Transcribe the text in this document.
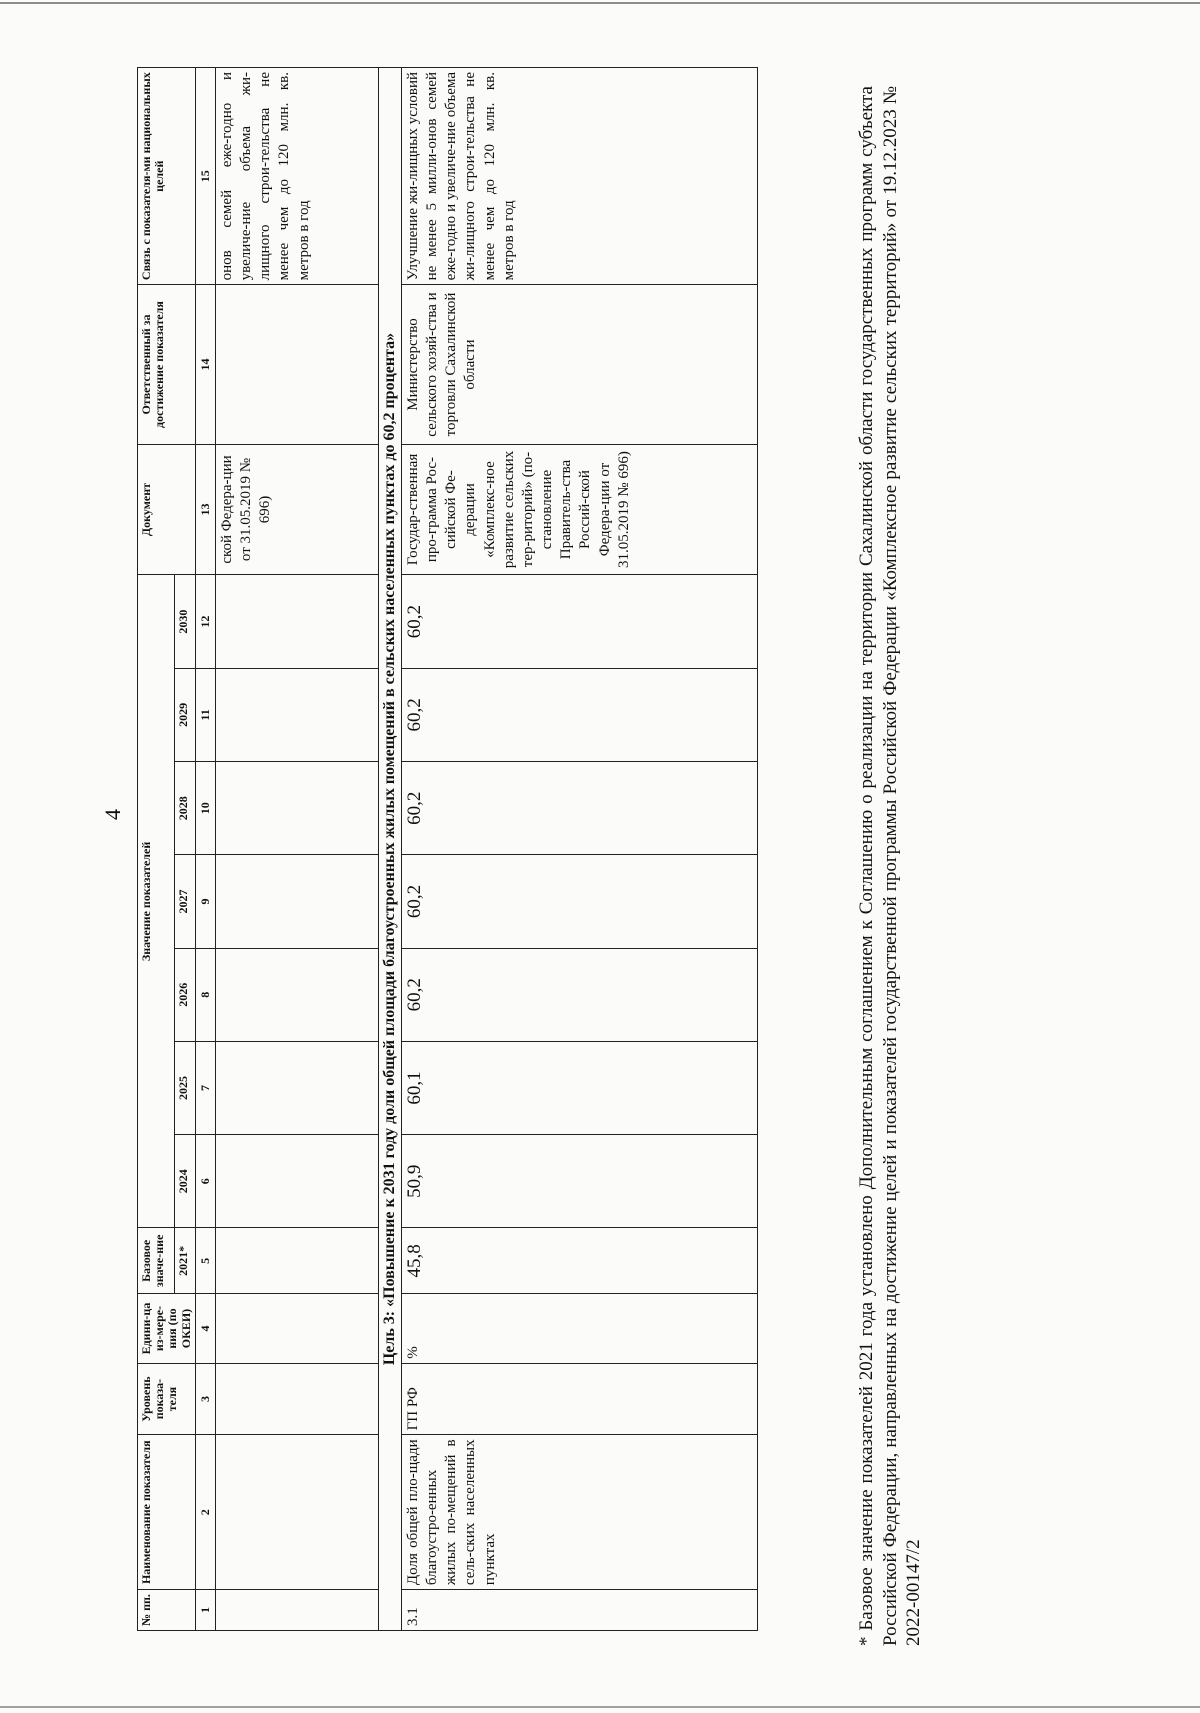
4
№ пп.	Наименование показателя	Уровень показа-теля	Едини-ца из-мере-ния (по ОКЕИ)	Базовое значе-ние	Значение показателей							Документ	Ответственный за достижение показателя	Связь с показателя-ми национальных целей
				2021*	2024	2025	2026	2027	2028	2029	2030			
1	2	3	4	5	6	7	8	9	10	11	12	13	14	15
												ской Федера-ции от 31.05.2019 № 696)		онов семей еже-годно и увеличе-ние объема жи-лищного строи-тельства не менее чем до 120 млн. кв. метров в год
Цель 3: «Повышение к 2031 году доли общей площади благоустроенных жилых помещений в сельских населенных пунктах до 60,2 процента»														
3.1	Доля общей пло-щади благоустро-енных жилых по-мещений в сель-ских населенных пунктах	ГП РФ	%	45,8	50,9	60,1	60,2	60,2	60,2	60,2	60,2	Государ-ственная про-грамма Рос-сийской Фе-дерации «Комплекс-ное развитие сельских тер-риторий» (по-становление Правитель-ства Россий-ской Федера-ции от 31.05.2019 № 696)	Министерство сельского хозяй-ства и торговли Сахалинской области	Улучшение жи-лищных условий не менее 5 милли-онов семей еже-годно и увеличе-ние объема жи-лищного строи-тельства не менее чем до 120 млн. кв. метров в год	* Базовое значение показателей 2021 года установлено Дополнительным соглашением к Соглашению о реализации на территории Сахалинской области государственных программ субъекта Российской Федерации, направленных на достижение целей и показателей государственной программы Российской Федерации «Комплексное развитие сельских территорий» от 19.12.2023 № 2022-00147/2
